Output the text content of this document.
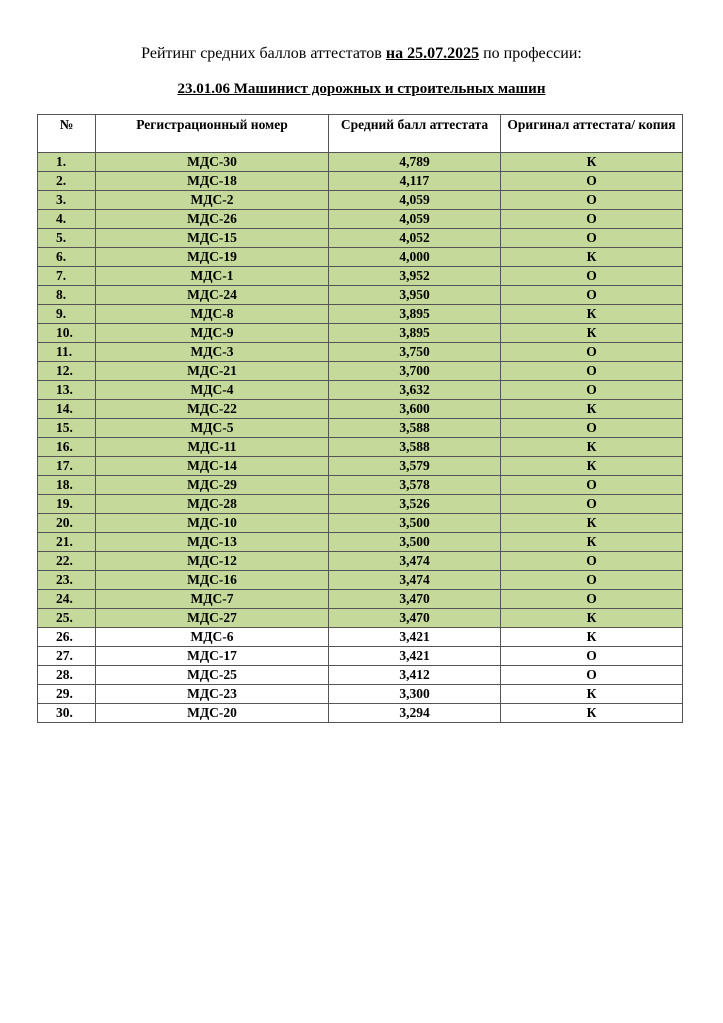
Рейтинг средних баллов аттестатов на 25.07.2025 по профессии:
23.01.06 Машинист дорожных и строительных машин
№	Регистрационный номер	Средний балл аттестата	Оригинал аттестата/ копия
1.	МДС-30	4,789	К
2.	МДС-18	4,117	О
3.	МДС-2	4,059	О
4.	МДС-26	4,059	О
5.	МДС-15	4,052	О
6.	МДС-19	4,000	К
7.	МДС-1	3,952	О
8.	МДС-24	3,950	О
9.	МДС-8	3,895	К
10.	МДС-9	3,895	К
11.	МДС-3	3,750	О
12.	МДС-21	3,700	О
13.	МДС-4	3,632	О
14.	МДС-22	3,600	К
15.	МДС-5	3,588	О
16.	МДС-11	3,588	К
17.	МДС-14	3,579	К
18.	МДС-29	3,578	О
19.	МДС-28	3,526	О
20.	МДС-10	3,500	К
21.	МДС-13	3,500	К
22.	МДС-12	3,474	О
23.	МДС-16	3,474	О
24.	МДС-7	3,470	О
25.	МДС-27	3,470	К
26.	МДС-6	3,421	К
27.	МДС-17	3,421	О
28.	МДС-25	3,412	О
29.	МДС-23	3,300	К
30.	МДС-20	3,294	К
